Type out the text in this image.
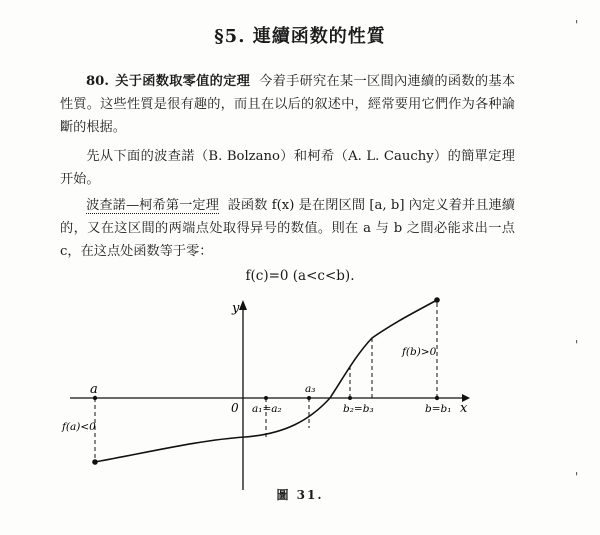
§5. 連續函数的性質
80. 关于函数取零值的定理 今着手研究在某一区間內連續的函数的基本性質。这些性質是很有趣的，而且在以后的叙述中，經常要用它們作为各种論斷的根据。
先从下面的波查諾（B. Bolzano）和柯希（A. L. Cauchy）的簡單定理开始。
波查諾—柯希第一定理 設函数 f(x) 是在閉区間 [a, b] 內定义着并且連續的，又在这区間的两端点处取得异号的数值。則在 a 与 b 之間必能求出一点 c，在这点处函数等于零：
f(c)=0 (a<c<b).
y
x
0
a
f(a)<0
f(b)>0
a₁=a₂
a₃
b₂=b₃	b=b₁
圖 31.
'
'
'
